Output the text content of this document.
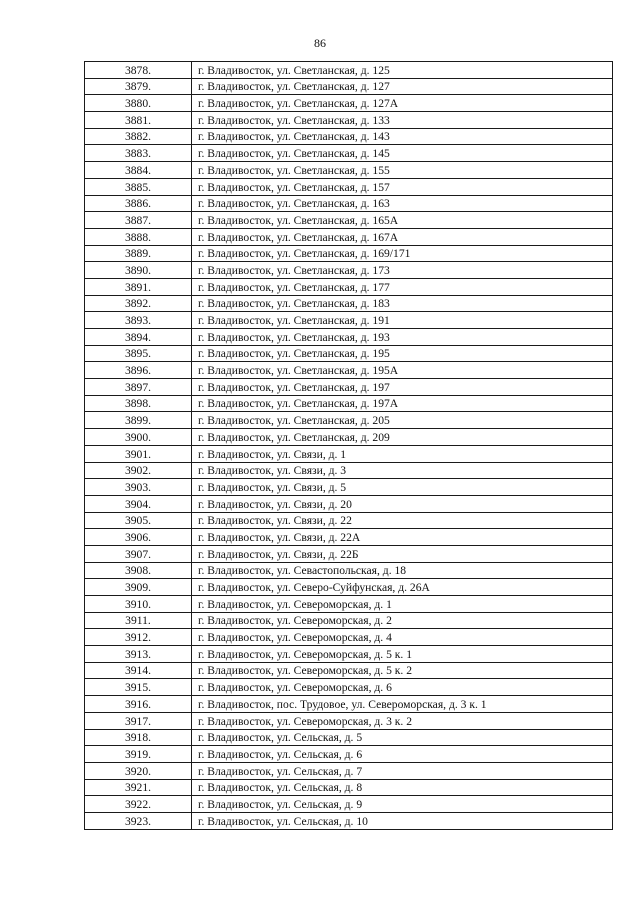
86
3878.	г. Владивосток, ул. Светланская, д. 125
3879.	г. Владивосток, ул. Светланская, д. 127
3880.	г. Владивосток, ул. Светланская, д. 127А
3881.	г. Владивосток, ул. Светланская, д. 133
3882.	г. Владивосток, ул. Светланская, д. 143
3883.	г. Владивосток, ул. Светланская, д. 145
3884.	г. Владивосток, ул. Светланская, д. 155
3885.	г. Владивосток, ул. Светланская, д. 157
3886.	г. Владивосток, ул. Светланская, д. 163
3887.	г. Владивосток, ул. Светланская, д. 165А
3888.	г. Владивосток, ул. Светланская, д. 167А
3889.	г. Владивосток, ул. Светланская, д. 169/171
3890.	г. Владивосток, ул. Светланская, д. 173
3891.	г. Владивосток, ул. Светланская, д. 177
3892.	г. Владивосток, ул. Светланская, д. 183
3893.	г. Владивосток, ул. Светланская, д. 191
3894.	г. Владивосток, ул. Светланская, д. 193
3895.	г. Владивосток, ул. Светланская, д. 195
3896.	г. Владивосток, ул. Светланская, д. 195А
3897.	г. Владивосток, ул. Светланская, д. 197
3898.	г. Владивосток, ул. Светланская, д. 197А
3899.	г. Владивосток, ул. Светланская, д. 205
3900.	г. Владивосток, ул. Светланская, д. 209
3901.	г. Владивосток, ул. Связи, д. 1
3902.	г. Владивосток, ул. Связи, д. 3
3903.	г. Владивосток, ул. Связи, д. 5
3904.	г. Владивосток, ул. Связи, д. 20
3905.	г. Владивосток, ул. Связи, д. 22
3906.	г. Владивосток, ул. Связи, д. 22А
3907.	г. Владивосток, ул. Связи, д. 22Б
3908.	г. Владивосток, ул. Севастопольская, д. 18
3909.	г. Владивосток, ул. Северо-Суйфунская, д. 26А
3910.	г. Владивосток, ул. Североморская, д. 1
3911.	г. Владивосток, ул. Североморская, д. 2
3912.	г. Владивосток, ул. Североморская, д. 4
3913.	г. Владивосток, ул. Североморская, д. 5 к. 1
3914.	г. Владивосток, ул. Североморская, д. 5 к. 2
3915.	г. Владивосток, ул. Североморская, д. 6
3916.	г. Владивосток, пос. Трудовое, ул. Североморская, д. 3 к. 1
3917.	г. Владивосток, ул. Североморская, д. 3 к. 2
3918.	г. Владивосток, ул. Сельская, д. 5
3919.	г. Владивосток, ул. Сельская, д. 6
3920.	г. Владивосток, ул. Сельская, д. 7
3921.	г. Владивосток, ул. Сельская, д. 8
3922.	г. Владивосток, ул. Сельская, д. 9
3923.	г. Владивосток, ул. Сельская, д. 10
